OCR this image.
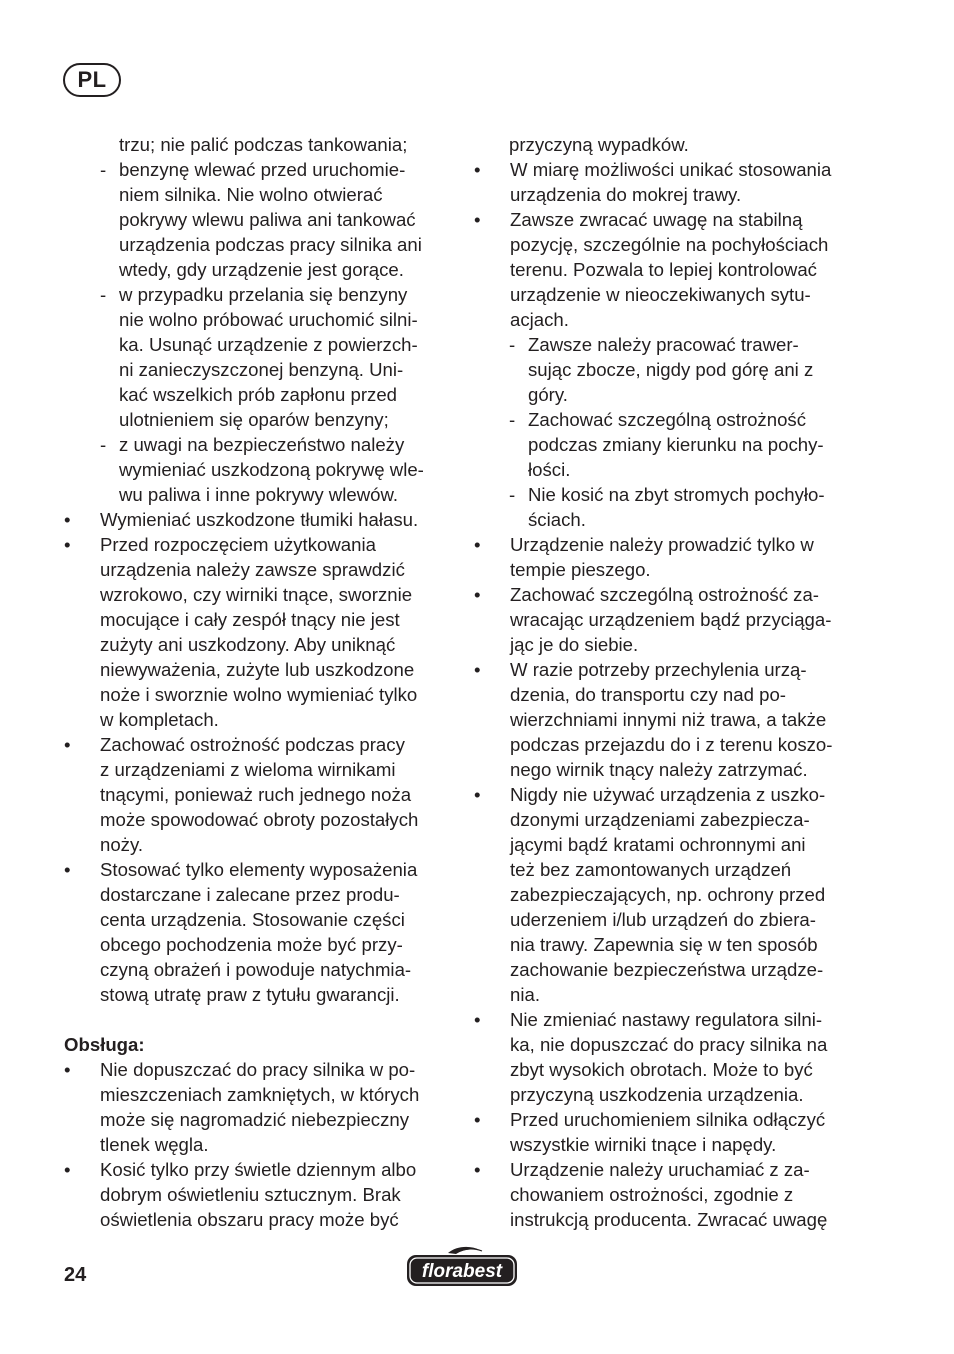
PL
trzu; nie palić podczas tankowania;
- benzynę wlewać przed uruchomie-
niem silnika. Nie wolno otwierać
pokrywy wlewu paliwa ani tankować
urządzenia podczas pracy silnika ani
wtedy, gdy urządzenie jest gorące.
- w przypadku przelania się benzyny
nie wolno próbować uruchomić silni-
ka. Usunąć urządzenie z powierzch-
ni zanieczyszczonej benzyną. Uni-
kać wszelkich prób zapłonu przed
ulotnieniem się oparów benzyny;
- z uwagi na bezpieczeństwo należy
wymieniać uszkodzoną pokrywę wle-
wu paliwa i inne pokrywy wlewów.
•	Wymieniać uszkodzone tłumiki hałasu.
•	Przed rozpoczęciem użytkowania
urządzenia należy zawsze sprawdzić
wzrokowo, czy wirniki tnące, sworznie
mocujące i cały zespół tnący nie jest
zużyty ani uszkodzony. Aby uniknąć
niewyważenia, zużyte lub uszkodzone
noże i sworznie wolno wymieniać tylko
w kompletach.
•	Zachować ostrożność podczas pracy
z urządzeniami z wieloma wirnikami
tnącymi, ponieważ ruch jednego noża
może spowodować obroty pozostałych
noży.
•	Stosować tylko elementy wyposażenia
dostarczane i zalecane przez produ-
centa urządzenia. Stosowanie części
obcego pochodzenia może być przy-
czyną obrażeń i powoduje natychmia-
stową utratę praw z tytułu gwarancji.
Obsługa:
•	Nie dopuszczać do pracy silnika w po-
mieszczeniach zamkniętych, w których
może się nagromadzić niebezpieczny
tlenek węgla.
•	Kosić tylko przy świetle dziennym albo
dobrym oświetleniu sztucznym. Brak
oświetlenia obszaru pracy może być
przyczyną wypadków.
•	W miarę możliwości unikać stosowania
urządzenia do mokrej trawy.
•	Zawsze zwracać uwagę na stabilną
pozycję, szczególnie na pochyłościach
terenu. Pozwala to lepiej kontrolować
urządzenie w nieoczekiwanych sytu-
acjach.
- Zawsze należy pracować trawer-
sując zbocze, nigdy pod górę ani z
góry.
- Zachować szczególną ostrożność
podczas zmiany kierunku na pochy-
łości.
- Nie kosić na zbyt stromych pochyło-
ściach.
•	Urządzenie należy prowadzić tylko w
tempie pieszego.
•	Zachować szczególną ostrożność za-
wracając urządzeniem bądź przyciąga-
jąc je do siebie.
•	W razie potrzeby przechylenia urzą-
dzenia, do transportu czy nad po-
wierzchniami innymi niż trawa, a także
podczas przejazdu do i z terenu koszo-
nego wirnik tnący należy zatrzymać.
•	Nigdy nie używać urządzenia z uszko-
dzonymi urządzeniami zabezpiecza-
jącymi bądź kratami ochronnymi ani
też bez zamontowanych urządzeń
zabezpieczających, np. ochrony przed
uderzeniem i/lub urządzeń do zbiera-
nia trawy. Zapewnia się w ten sposób
zachowanie bezpieczeństwa urządze-
nia.
•	Nie zmieniać nastawy regulatora silni-
ka, nie dopuszczać do pracy silnika na
zbyt wysokich obrotach. Może to być
przyczyną uszkodzenia urządzenia.
•	Przed uruchomieniem silnika odłączyć
wszystkie wirniki tnące i napędy.
•	Urządzenie należy uruchamiać z za-
chowaniem ostrożności, zgodnie z
instrukcją producenta. Zwracać uwagę
24	florabest
